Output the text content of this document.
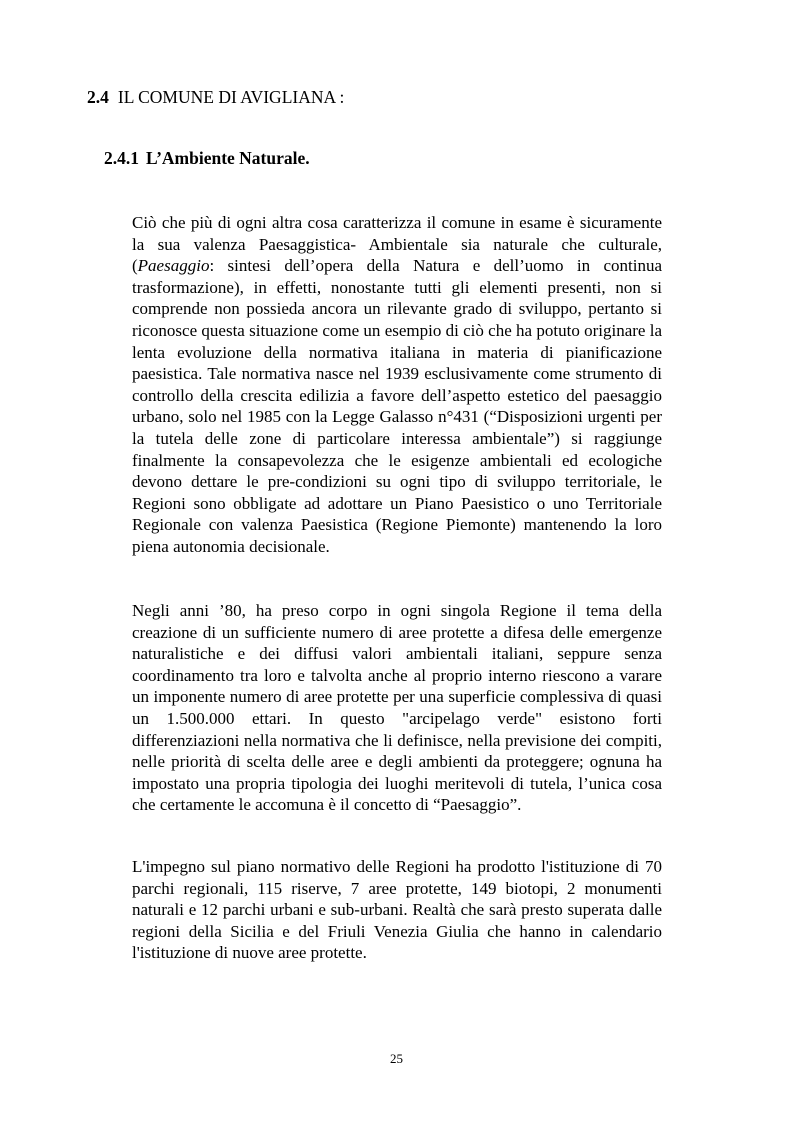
2.4 IL COMUNE DI AVIGLIANA :
2.4.1 L’Ambiente Naturale.

Ciò che più di ogni altra cosa caratterizza il comune in esame è sicuramente la sua valenza Paesaggistica- Ambientale sia naturale che culturale, (Paesaggio: sintesi dell’opera della Natura e dell’uomo in continua trasformazione), in effetti, nonostante tutti gli elementi presenti, non si comprende non possieda ancora un rilevante grado di sviluppo, pertanto si riconosce questa situazione come un esempio di ciò che ha potuto originare la lenta evoluzione della normativa italiana in materia di pianificazione paesistica. Tale normativa nasce nel 1939 esclusivamente come strumento di controllo della crescita edilizia a favore dell’aspetto estetico del paesaggio urbano, solo nel 1985 con la Legge Galasso n°431 (“Disposizioni urgenti per la tutela delle zone di particolare interessa ambientale”) si raggiunge finalmente la consapevolezza che le esigenze ambientali ed ecologiche devono dettare le pre-condizioni su ogni tipo di sviluppo territoriale, le Regioni sono obbligate ad adottare un Piano Paesistico o uno Territoriale Regionale con valenza Paesistica (Regione Piemonte) mantenendo la loro piena autonomia decisionale.

Negli anni ’80, ha preso corpo in ogni singola Regione il tema della creazione di un sufficiente numero di aree protette a difesa delle emergenze naturalistiche e dei diffusi valori ambientali italiani, seppure senza coordinamento tra loro e talvolta anche al proprio interno riescono a varare un imponente numero di aree protette per una superficie complessiva di quasi un 1.500.000 ettari. In questo "arcipelago verde" esistono forti differenziazioni nella normativa che li definisce, nella previsione dei compiti, nelle priorità di scelta delle aree e degli ambienti da proteggere; ognuna ha impostato una propria tipologia dei luoghi meritevoli di tutela, l’unica cosa che certamente le accomuna è il concetto di “Paesaggio”.

L'impegno sul piano normativo delle Regioni ha prodotto l'istituzione di 70 parchi regionali, 115 riserve, 7 aree protette, 149 biotopi, 2 monumenti naturali e 12 parchi urbani e sub-urbani. Realtà che sarà presto superata dalle regioni della Sicilia e del Friuli Venezia Giulia che hanno in calendario l'istituzione di nuove aree protette.

25
